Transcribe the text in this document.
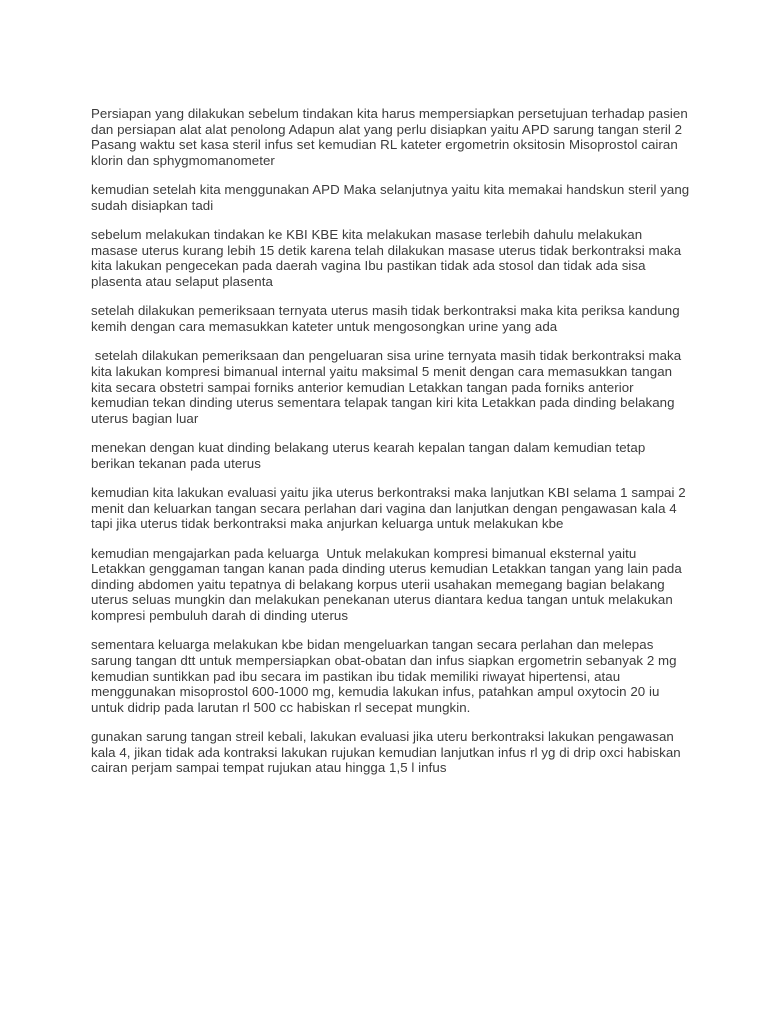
Persiapan yang dilakukan sebelum tindakan kita harus mempersiapkan persetujuan terhadap pasien dan persiapan alat alat penolong Adapun alat yang perlu disiapkan yaitu APD sarung tangan steril 2 Pasang waktu set kasa steril infus set kemudian RL kateter ergometrin oksitosin Misoprostol cairan klorin dan sphygmomanometer

kemudian setelah kita menggunakan APD Maka selanjutnya yaitu kita memakai handskun steril yang sudah disiapkan tadi

sebelum melakukan tindakan ke KBI KBE kita melakukan masase terlebih dahulu melakukan masase uterus kurang lebih 15 detik karena telah dilakukan masase uterus tidak berkontraksi maka kita lakukan pengecekan pada daerah vagina Ibu pastikan tidak ada stosol dan tidak ada sisa plasenta atau selaput plasenta

setelah dilakukan pemeriksaan ternyata uterus masih tidak berkontraksi maka kita periksa kandung kemih dengan cara memasukkan kateter untuk mengosongkan urine yang ada

setelah dilakukan pemeriksaan dan pengeluaran sisa urine ternyata masih tidak berkontraksi maka kita lakukan kompresi bimanual internal yaitu maksimal 5 menit dengan cara memasukkan tangan kita secara obstetri sampai forniks anterior kemudian Letakkan tangan pada forniks anterior kemudian tekan dinding uterus sementara telapak tangan kiri kita Letakkan pada dinding belakang uterus bagian luar

menekan dengan kuat dinding belakang uterus kearah kepalan tangan dalam kemudian tetap berikan tekanan pada uterus

kemudian kita lakukan evaluasi yaitu jika uterus berkontraksi maka lanjutkan KBI selama 1 sampai 2 menit dan keluarkan tangan secara perlahan dari vagina dan lanjutkan dengan pengawasan kala 4 tapi jika uterus tidak berkontraksi maka anjurkan keluarga untuk melakukan kbe

kemudian mengajarkan pada keluarga  Untuk melakukan kompresi bimanual eksternal yaitu Letakkan genggaman tangan kanan pada dinding uterus kemudian Letakkan tangan yang lain pada dinding abdomen yaitu tepatnya di belakang korpus uterii usahakan memegang bagian belakang uterus seluas mungkin dan melakukan penekanan uterus diantara kedua tangan untuk melakukan kompresi pembuluh darah di dinding uterus

sementara keluarga melakukan kbe bidan mengeluarkan tangan secara perlahan dan melepas sarung tangan dtt untuk mempersiapkan obat-obatan dan infus siapkan ergometrin sebanyak 2 mg kemudian suntikkan pad ibu secara im pastikan ibu tidak memiliki riwayat hipertensi, atau menggunakan misoprostol 600-1000 mg, kemudia lakukan infus, patahkan ampul oxytocin 20 iu untuk didrip pada larutan rl 500 cc habiskan rl secepat mungkin.

gunakan sarung tangan streil kebali, lakukan evaluasi jika uteru berkontraksi lakukan pengawasan kala 4, jikan tidak ada kontraksi lakukan rujukan kemudian lanjutkan infus rl yg di drip oxci habiskan cairan perjam sampai tempat rujukan atau hingga 1,5 l infus
